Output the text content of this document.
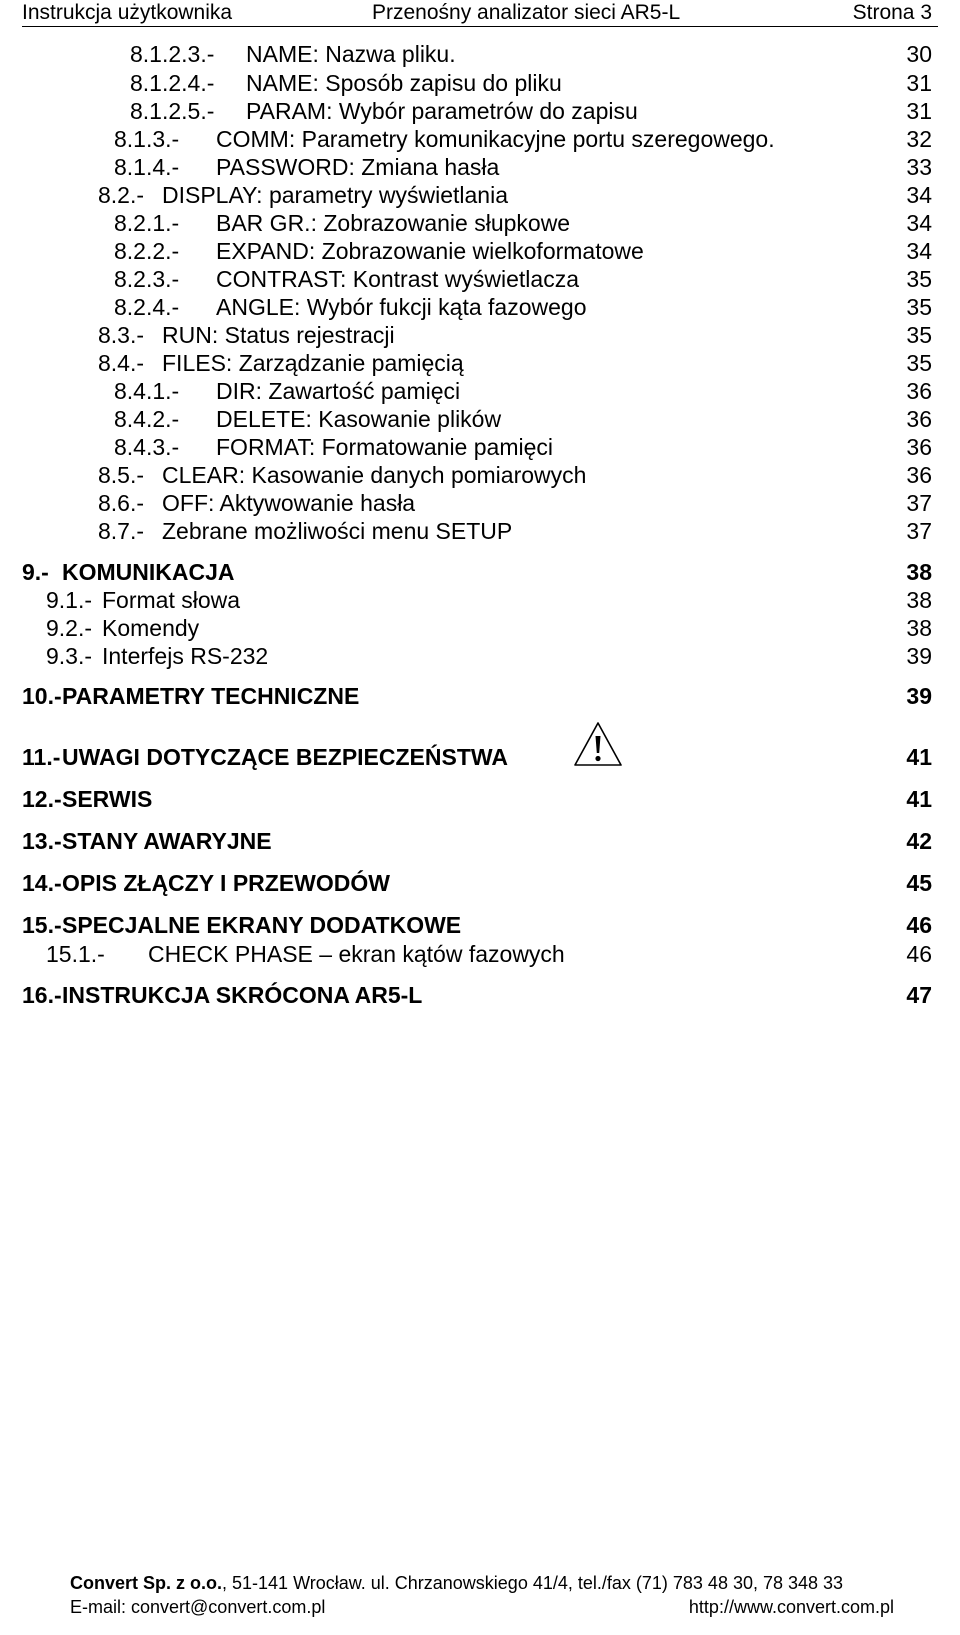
Instrukcja użytkownika	Przenośny analizator sieci AR5-L	Strona 3
8.1.2.3.- NAME: Nazwa pliku.	30
8.1.2.4.- NAME: Sposób zapisu do pliku	31
8.1.2.5.- PARAM: Wybór parametrów do zapisu	31
8.1.3.- COMM: Parametry komunikacyjne portu szeregowego.	32
8.1.4.- PASSWORD: Zmiana hasła	33
8.2.- DISPLAY: parametry wyświetlania	34
8.2.1.- BAR GR.: Zobrazowanie słupkowe	34
8.2.2.- EXPAND: Zobrazowanie wielkoformatowe	34
8.2.3.- CONTRAST: Kontrast wyświetlacza	35
8.2.4.- ANGLE: Wybór fukcji kąta fazowego	35
8.3.- RUN: Status rejestracji	35
8.4.- FILES: Zarządzanie pamięcią	35
8.4.1.- DIR: Zawartość pamięci	36
8.4.2.- DELETE: Kasowanie plików	36
8.4.3.- FORMAT: Formatowanie pamięci	36
8.5.- CLEAR: Kasowanie danych pomiarowych	36
8.6.- OFF: Aktywowanie hasła	37
8.7.- Zebrane możliwości menu SETUP	37
9.- KOMUNIKACJA	38
9.1.- Format słowa	38
9.2.- Komendy	38
9.3.- Interfejs RS-232	39
10.- PARAMETRY TECHNICZNE	39
11.- UWAGI DOTYCZĄCE BEZPIECZEŃSTWA	41
12.- SERWIS	41
13.- STANY AWARYJNE	42
14.- OPIS ZŁĄCZY I PRZEWODÓW	45
15.- SPECJALNE EKRANY DODATKOWE	46
15.1.- CHECK PHASE – ekran kątów fazowych	46
16.- INSTRUKCJA SKRÓCONA AR5-L	47
Convert Sp. z o.o., 51-141 Wrocław. ul. Chrzanowskiego 41/4, tel./fax (71) 783 48 30, 78 348 33
E-mail: convert@convert.com.pl	http://www.convert.com.pl
